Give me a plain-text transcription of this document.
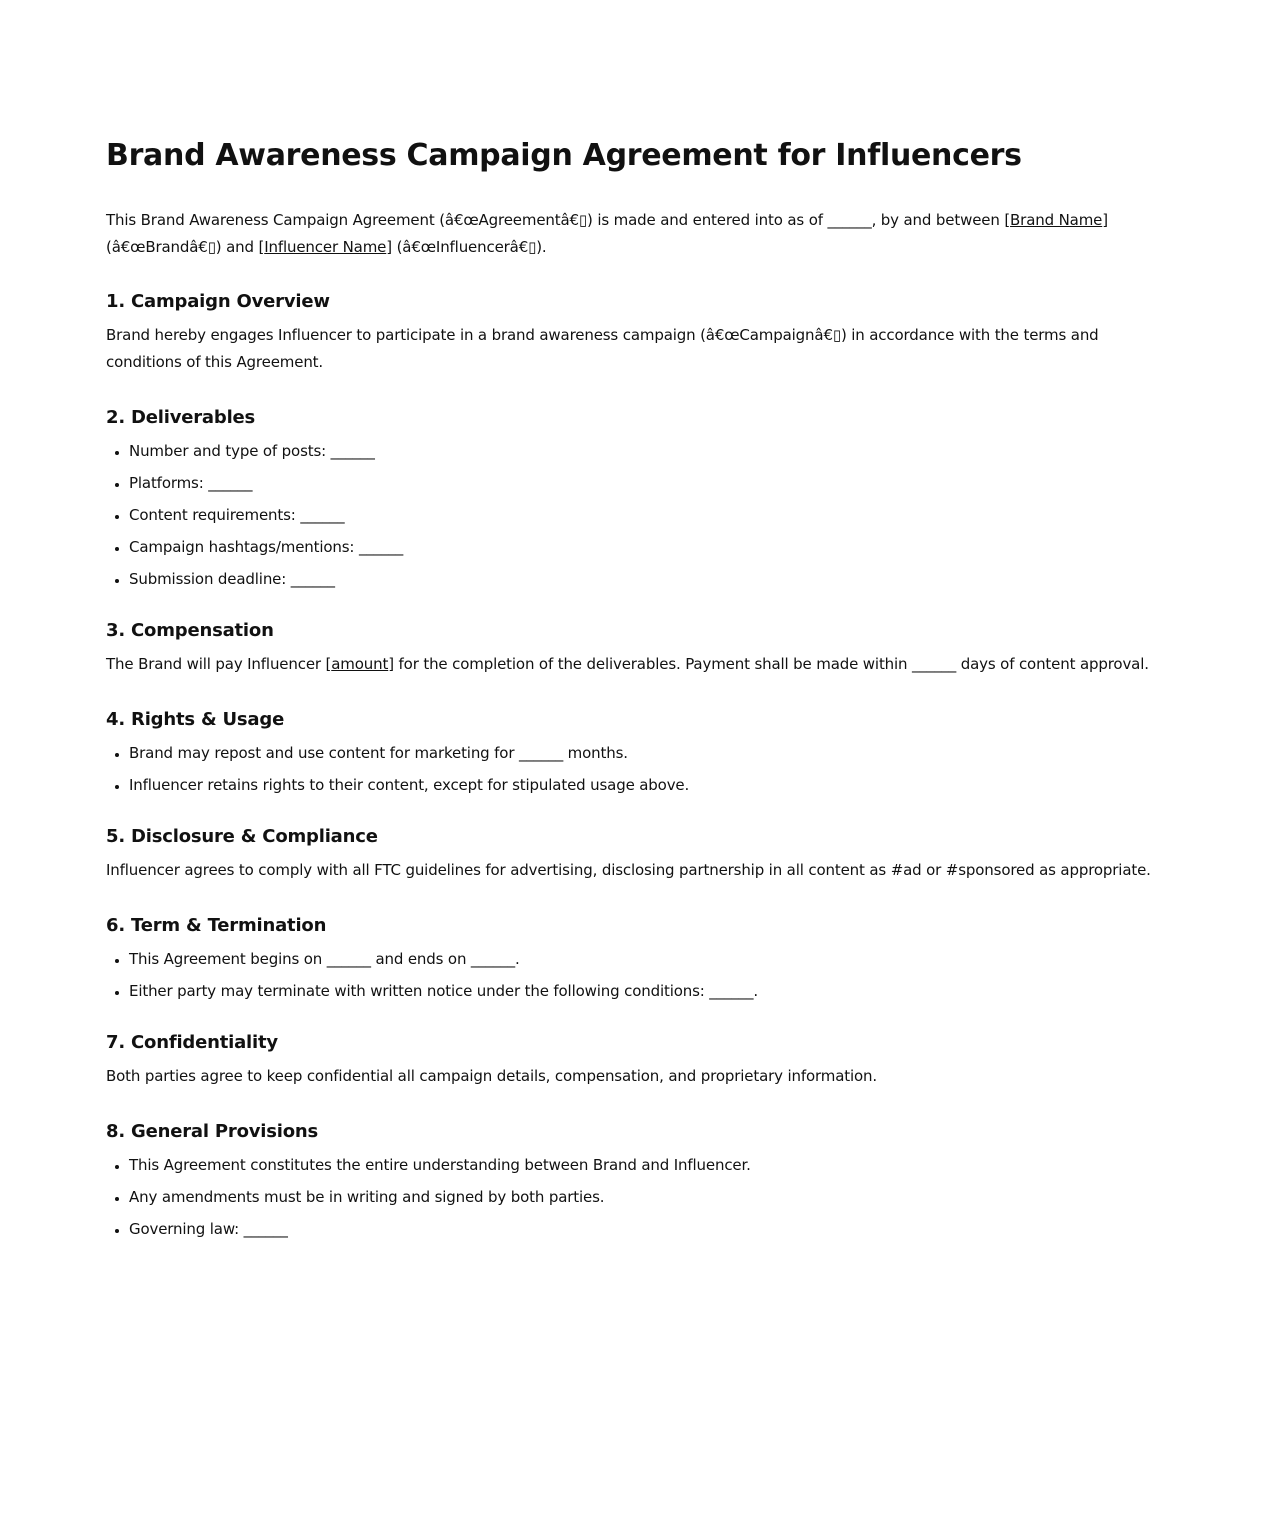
Brand Awareness Campaign Agreement for Influencers

This Brand Awareness Campaign Agreement (â€œAgreementâ€▯) is made and entered into as of ______, by and between [Brand Name] (â€œBrandâ€▯) and [Influencer Name] (â€œInfluencerâ€▯).

1. Campaign Overview

Brand hereby engages Influencer to participate in a brand awareness campaign (â€œCampaignâ€▯) in accordance with the terms and conditions of this Agreement.

2. Deliverables
• Number and type of posts: ______
• Platforms: ______
• Content requirements: ______
• Campaign hashtags/mentions: ______
• Submission deadline: ______
3. Compensation

The Brand will pay Influencer [amount] for the completion of the deliverables. Payment shall be made within ______ days of content approval.

4. Rights & Usage
• Brand may repost and use content for marketing for ______ months.
• Influencer retains rights to their content, except for stipulated usage above.
5. Disclosure & Compliance

Influencer agrees to comply with all FTC guidelines for advertising, disclosing partnership in all content as #ad or #sponsored as appropriate.

6. Term & Termination
• This Agreement begins on ______ and ends on ______.
• Either party may terminate with written notice under the following conditions: ______.
7. Confidentiality

Both parties agree to keep confidential all campaign details, compensation, and proprietary information.

8. General Provisions
• This Agreement constitutes the entire understanding between Brand and Influencer.
• Any amendments must be in writing and signed by both parties.
• Governing law: ______
